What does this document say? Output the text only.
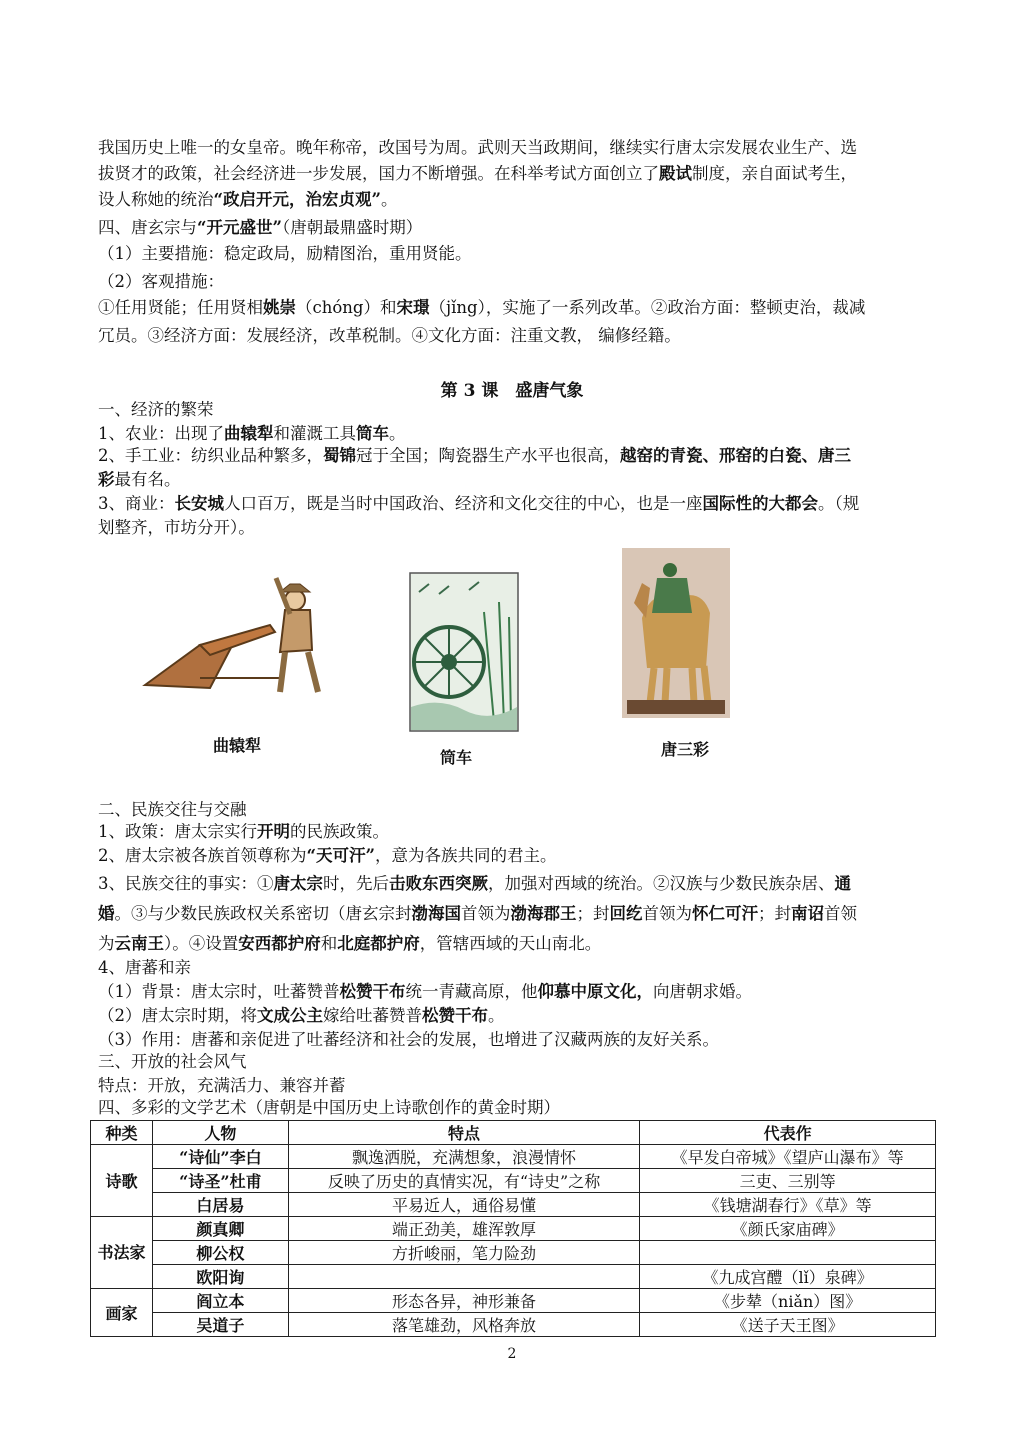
我国历史上唯一的女皇帝。晚年称帝，改国号为周。武则天当政期间，继续实行唐太宗发展农业生产、选
拔贤才的政策，社会经济进一步发展，国力不断增强。在科举考试方面创立了殿试制度，亲自面试考生，
设人称她的统治“政启开元，治宏贞观”。
四、唐玄宗与“开元盛世”（唐朝最鼎盛时期）
（1）主要措施：稳定政局，励精图治，重用贤能。
（2）客观措施：
①任用贤能；任用贤相姚崇（chóng）和宋璟（jǐng），实施了一系列改革。②政治方面：整顿吏治，裁减
冗员。③经济方面：发展经济，改革税制。④文化方面：注重文教， 编修经籍。
第 3 课　盛唐气象
一、经济的繁荣
1、农业：出现了曲辕犁和灌溉工具筒车。
2、手工业：纺织业品种繁多，蜀锦冠于全国；陶瓷器生产水平也很高，越窑的青瓷、邢窑的白瓷、唐三
彩最有名。
3、商业：长安城人口百万，既是当时中国政治、经济和文化交往的中心，也是一座国际性的大都会。（规
划整齐，市坊分开）。
曲辕犁
筒车	唐三彩
二、民族交往与交融
1、政策：唐太宗实行开明的民族政策。
2、唐太宗被各族首领尊称为“天可汗”，意为各族共同的君主。
3、民族交往的事实：①唐太宗时，先后击败东西突厥，加强对西域的统治。②汉族与少数民族杂居、通
婚。③与少数民族政权关系密切（唐玄宗封渤海国首领为渤海郡王；封回纥首领为怀仁可汗；封南诏首领
为云南王）。④设置安西都护府和北庭都护府，管辖西域的天山南北。
4、唐蕃和亲
（1）背景：唐太宗时，吐蕃赞普松赞干布统一青藏高原，他仰慕中原文化，向唐朝求婚。
（2）唐太宗时期，将文成公主嫁给吐蕃赞普松赞干布。
（3）作用：唐蕃和亲促进了吐蕃经济和社会的发展，也增进了汉藏两族的友好关系。
三、开放的社会风气
特点：开放，充满活力、兼容并蓄
四、多彩的文学艺术（唐朝是中国历史上诗歌创作的黄金时期）
种类	人物	特点	代表作
诗歌	“诗仙”李白	飘逸洒脱，充满想象，浪漫情怀	《早发白帝城》《望庐山瀑布》等
	“诗圣”杜甫	反映了历史的真情实况，有“诗史”之称	三吏、三别等
	白居易	平易近人，通俗易懂	《钱塘湖春行》《草》等
书法家	颜真卿	端正劲美，雄浑敦厚	《颜氏家庙碑》
	柳公权	方折峻丽，笔力险劲	
	欧阳询		《九成宫醴（lǐ）泉碑》
画家	阎立本	形态各异，神形兼备	《步辇（niǎn）图》
	吴道子	落笔雄劲，风格奔放	《送子天王图》
2
